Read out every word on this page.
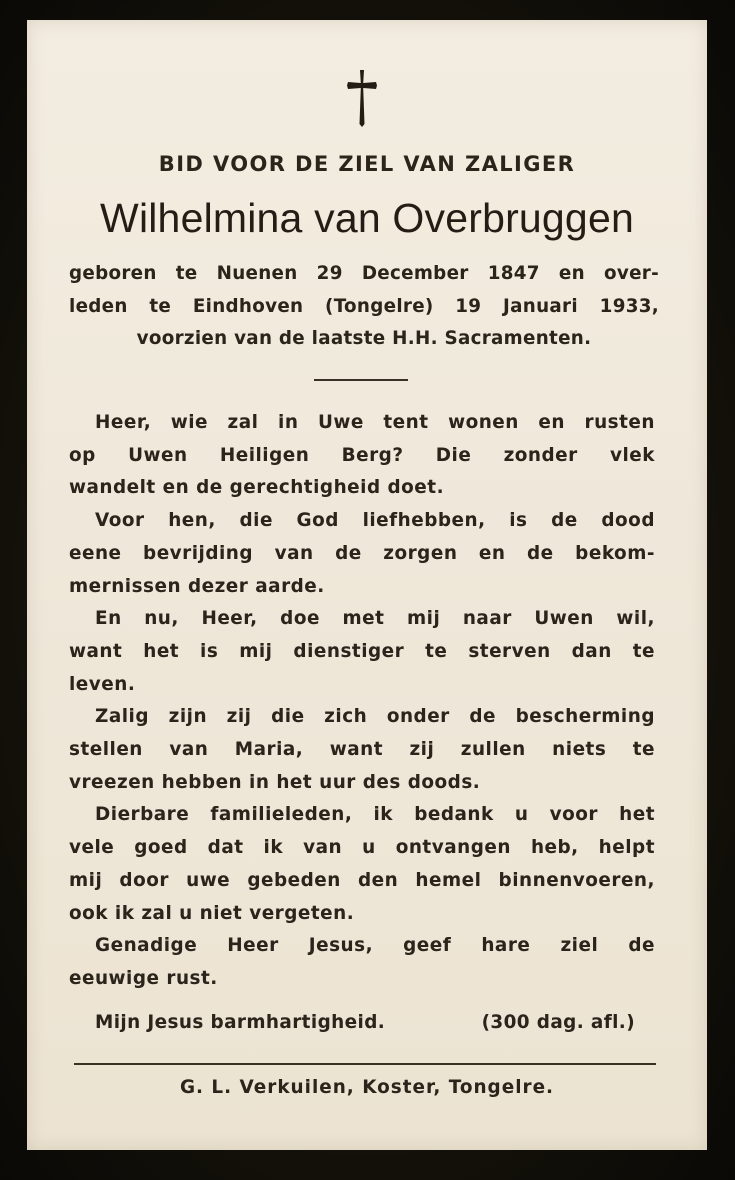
BID VOOR DE ZIEL VAN ZALIGER
Wilhelmina van Overbruggen
geboren te Nuenen 29 December 1847 en over-
leden te Eindhoven (Tongelre) 19 Januari 1933,
voorzien van de laatste H.H. Sacramenten.
Heer, wie zal in Uwe tent wonen en rusten
op Uwen Heiligen Berg? Die zonder vlek
wandelt en de gerechtigheid doet.
Voor hen, die God liefhebben, is de dood
eene bevrijding van de zorgen en de bekom-
mernissen dezer aarde.
En nu, Heer, doe met mij naar Uwen wil,
want het is mij dienstiger te sterven dan te
leven.
Zalig zijn zij die zich onder de bescherming
stellen van Maria, want zij zullen niets te
vreezen hebben in het uur des doods.
Dierbare familieleden, ik bedank u voor het
vele goed dat ik van u ontvangen heb, helpt
mij door uwe gebeden den hemel binnenvoeren,
ook ik zal u niet vergeten.
Genadige Heer Jesus, geef hare ziel de
eeuwige rust.
Mijn Jesus barmhartigheid.	(300 dag. afl.)
G. L. Verkuilen, Koster, Tongelre.
